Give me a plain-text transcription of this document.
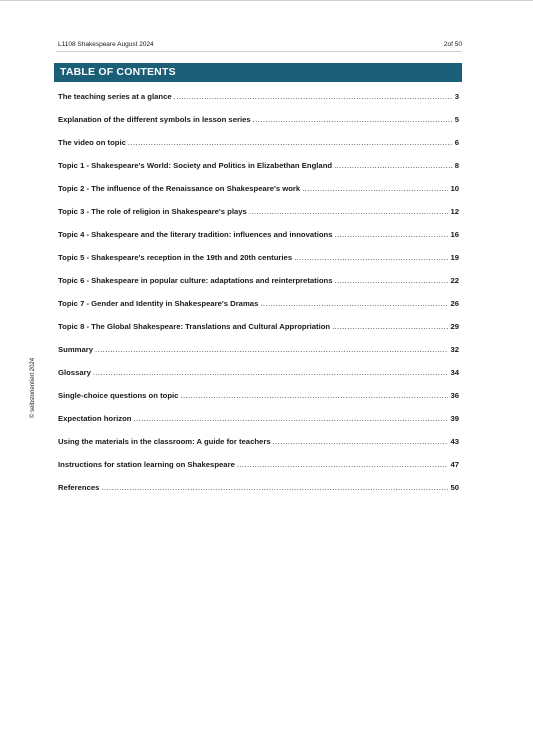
L1108 Shakespeare August 2024	2of 50
TABLE OF CONTENTS
The teaching series at a glance .....	3
Explanation of the different symbols in lesson series .....	5
The video on topic .....	6
Topic 1 - Shakespeare's World: Society and Politics in Elizabethan England .....	8
Topic 2 - The influence of the Renaissance on Shakespeare's work .....	10
Topic 3 - The role of religion in Shakespeare's plays .....	12
Topic 4 - Shakespeare and the literary tradition: influences and innovations .....	16
Topic 5 - Shakespeare's reception in the 19th and 20th centuries .....	19
Topic 6 - Shakespeare in popular culture: adaptations and reinterpretations .....	22
Topic 7 - Gender and Identity in Shakespeare's Dramas .....	26
Topic 8 - The Global Shakespeare: Translations and Cultural Appropriation .....	29
Summary .....	32
Glossary .....	34
Single-choice questions on topic .....	36
Expectation horizon .....	39
Using the materials in the classroom: A guide for teachers .....	43
Instructions for station learning on Shakespeare .....	47
References .....	50
© selbstorientiert 2024
